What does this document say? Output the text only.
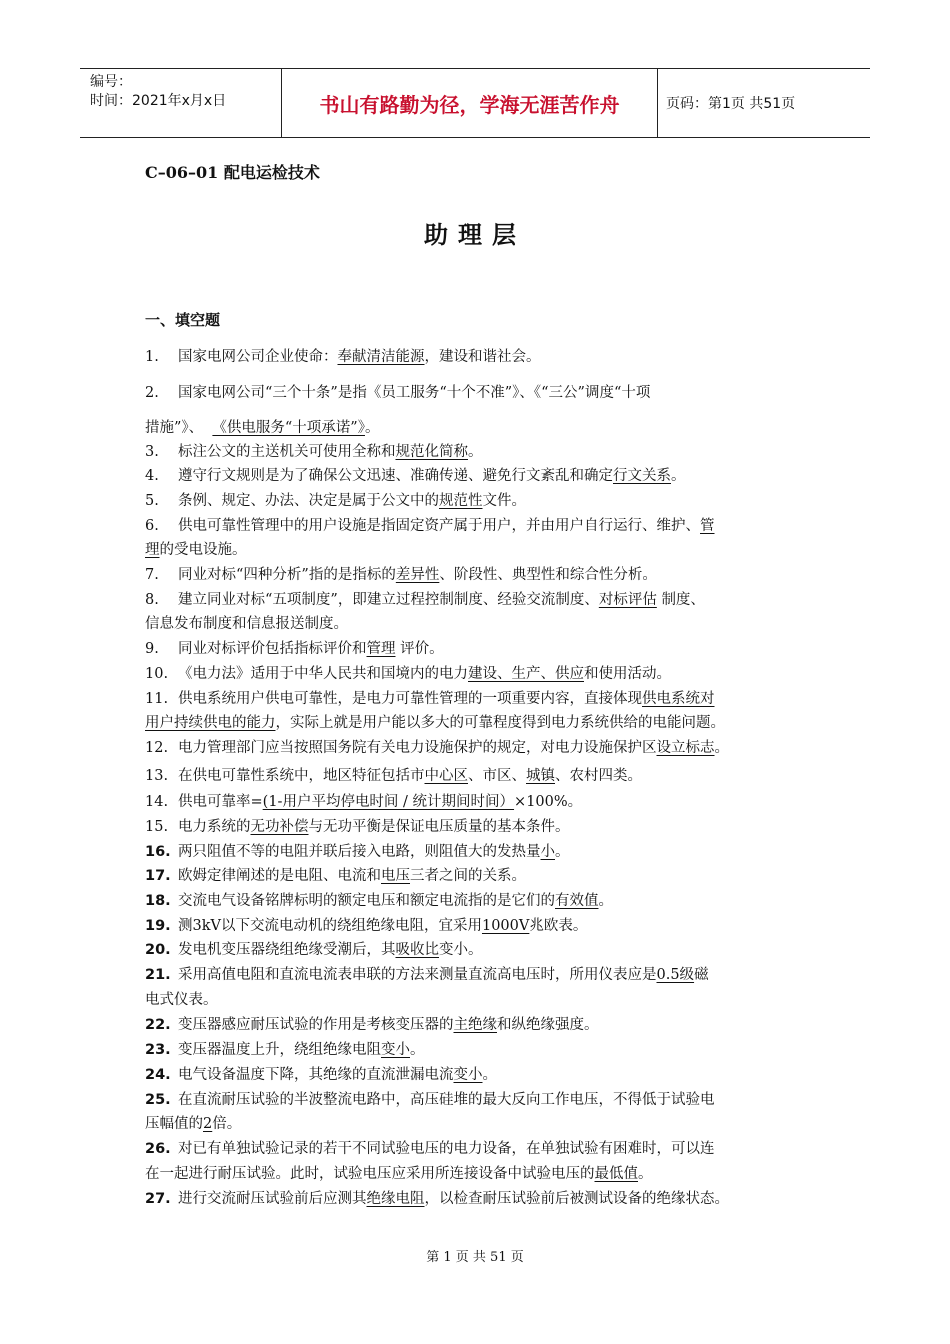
编号：
时间：2021年x月x日	书山有路勤为径，学海无涯苦作舟	页码：第1页 共51页
C–06–01 配电运检技术
助理层
一、填空题
1. 国家电网公司企业使命：奉献清洁能源，建设和谐社会。
2. 国家电网公司“三个十条”是指《员工服务“十个不准”》、《“三公”调度“十项
措施”》、 《供电服务“十项承诺”》。
3. 标注公文的主送机关可使用全称和规范化简称。
4. 遵守行文规则是为了确保公文迅速、准确传递、避免行文紊乱和确定行文关系。
5. 条例、规定、办法、决定是属于公文中的规范性文件。
6. 供电可靠性管理中的用户设施是指固定资产属于用户，并由用户自行运行、维护、管
理的受电设施。
7. 同业对标“四种分析”指的是指标的差异性、阶段性、典型性和综合性分析。
8. 建立同业对标“五项制度”，即建立过程控制制度、经验交流制度、对标评估 制度、
信息发布制度和信息报送制度。
9. 同业对标评价包括指标评价和管理 评价。
10. 《电力法》适用于中华人民共和国境内的电力建设、生产、供应和使用活动。
11. 供电系统用户供电可靠性，是电力可靠性管理的一项重要内容，直接体现供电系统对
用户持续供电的能力，实际上就是用户能以多大的可靠程度得到电力系统供给的电能问题。
12. 电力管理部门应当按照国务院有关电力设施保护的规定，对电力设施保护区设立标志。
13. 在供电可靠性系统中，地区特征包括市中心区、市区、城镇、农村四类。
14. 供电可靠率=(1-用户平均停电时间 / 统计期间时间）×100%。
15. 电力系统的无功补偿与无功平衡是保证电压质量的基本条件。
16. 两只阻值不等的电阻并联后接入电路，则阻值大的发热量小。
17. 欧姆定律阐述的是电阻、电流和电压三者之间的关系。
18. 交流电气设备铭牌标明的额定电压和额定电流指的是它们的有效值。
19. 测3kV以下交流电动机的绕组绝缘电阻，宜采用1000V兆欧表。
20. 发电机变压器绕组绝缘受潮后，其吸收比变小。
21. 采用高值电阻和直流电流表串联的方法来测量直流高电压时，所用仪表应是0.5级磁
电式仪表。
22. 变压器感应耐压试验的作用是考核变压器的主绝缘和纵绝缘强度。
23. 变压器温度上升，绕组绝缘电阻变小。
24. 电气设备温度下降，其绝缘的直流泄漏电流变小。
25. 在直流耐压试验的半波整流电路中，高压硅堆的最大反向工作电压，不得低于试验电
压幅值的2倍。
26. 对已有单独试验记录的若干不同试验电压的电力设备，在单独试验有困难时，可以连
在一起进行耐压试验。此时，试验电压应采用所连接设备中试验电压的最低值。
27. 进行交流耐压试验前后应测其绝缘电阻，以检查耐压试验前后被测试设备的绝缘状态。
第 1 页 共 51 页
